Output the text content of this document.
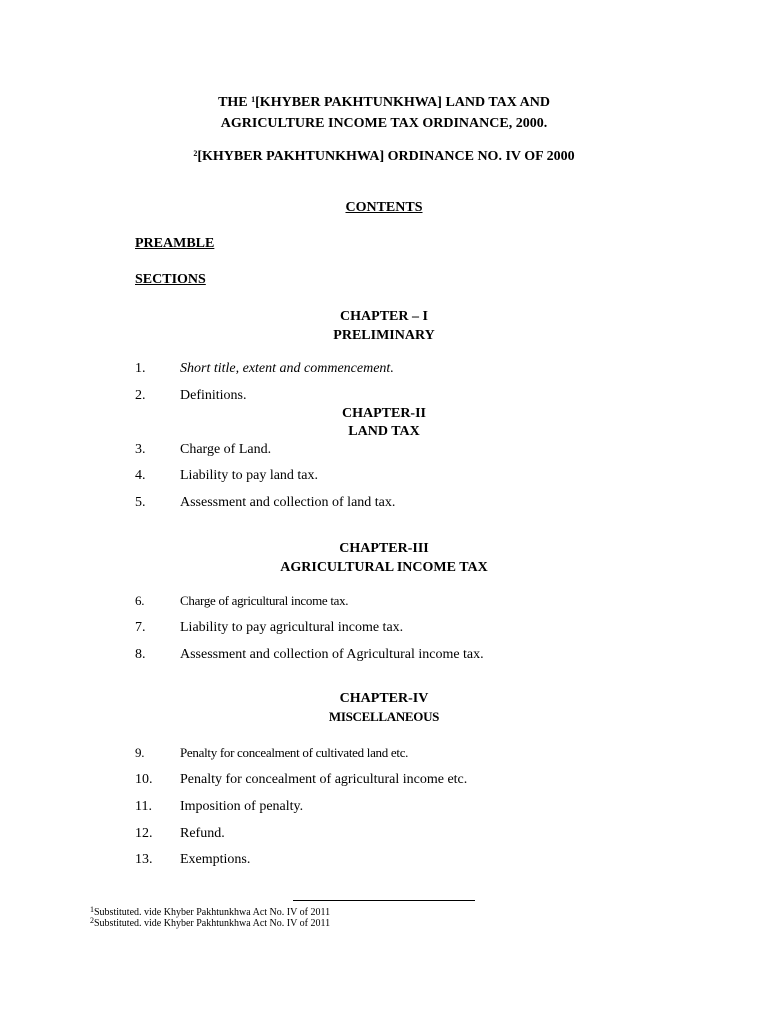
THE $^1$[KHYBER PAKHTUNKHWA] LAND TAX AND
AGRICULTURE INCOME TAX ORDINANCE, 2000.
$^2$[KHYBER PAKHTUNKHWA] ORDINANCE NO. IV OF 2000
CONTENTS
PREAMBLE
SECTIONS
CHAPTER – I
PRELIMINARY
1.	Short title, extent and commencement.
2.	Definitions.
CHAPTER-II
LAND TAX
3.	Charge of Land.
4.	Liability to pay land tax.
5.	Assessment and collection of land tax.
CHAPTER-III
AGRICULTURAL INCOME TAX
6.	Charge of agricultural income tax.
7.	Liability to pay agricultural income tax.
8.	Assessment and collection of Agricultural income tax.
CHAPTER-IV
MISCELLANEOUS
9.	Penalty for concealment of cultivated land etc.
10.	Penalty for concealment of agricultural income etc.
11.	Imposition of penalty.
12.	Refund.
13.	Exemptions.
$^1$Substituted. vide Khyber Pakhtunkhwa Act No. IV of 2011
$^2$Substituted. vide Khyber Pakhtunkhwa Act No. IV of 2011
